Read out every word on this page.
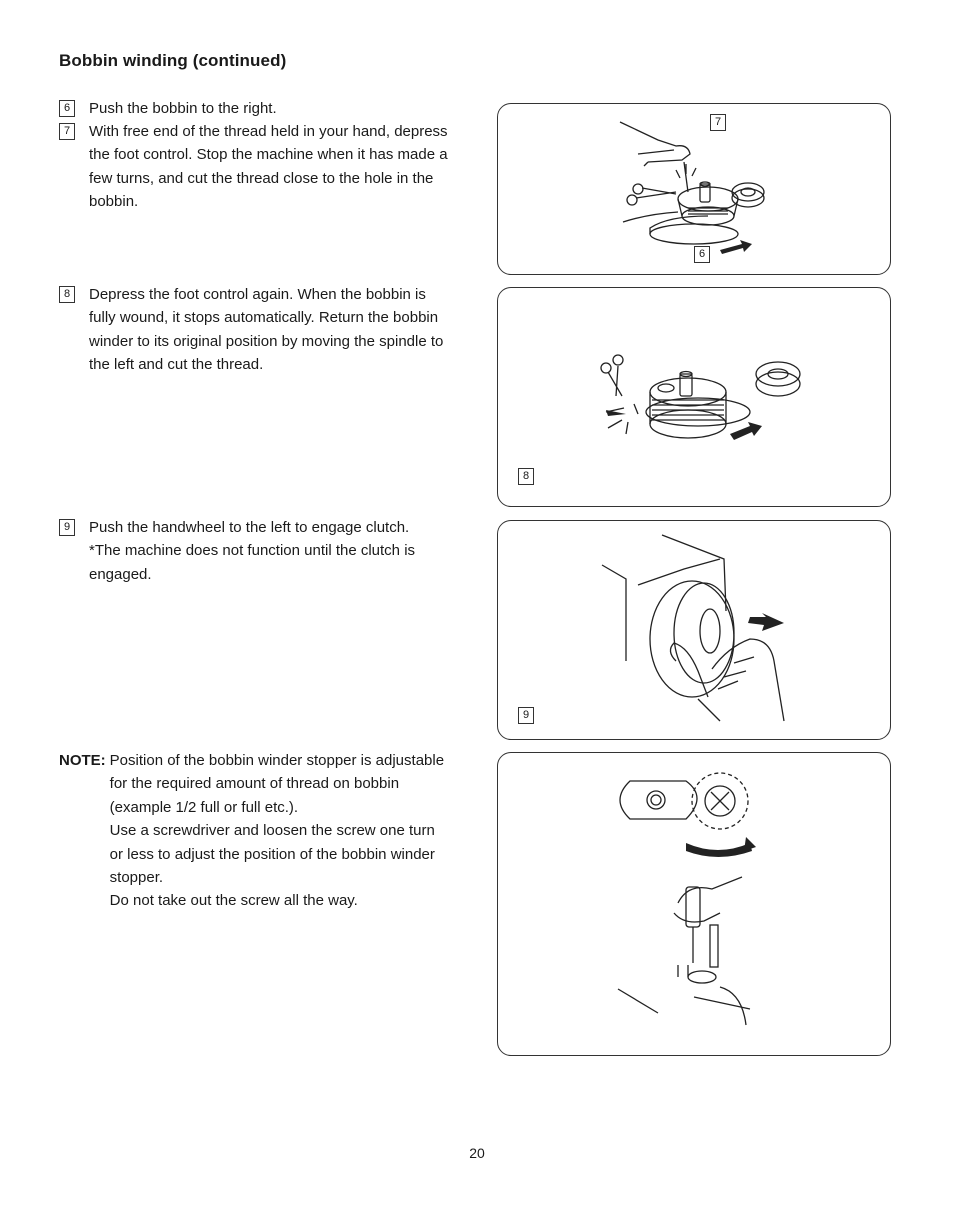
Bobbin winding (continued)
6	Push the bobbin to the right.
7	With free end of the thread held in your hand, depress the foot control. Stop the machine when it has made a few turns, and cut the thread close to the hole in the bobbin.
8	Depress the foot control again. When the bobbin is fully wound, it stops automatically. Return the bobbin winder to its original position by moving the spindle to the left and cut the thread.
9	Push the handwheel to the left to engage clutch.
*The machine does not function until the clutch is engaged.
NOTE: Position of the bobbin winder stopper is adjustable for the required amount of thread on bobbin (example 1/2 full or full etc.).

Use a screwdriver and loosen the screw one turn or less to adjust the position of the bobbin winder stopper.

Do not take out the screw all the way.

7
6
8
9
20
